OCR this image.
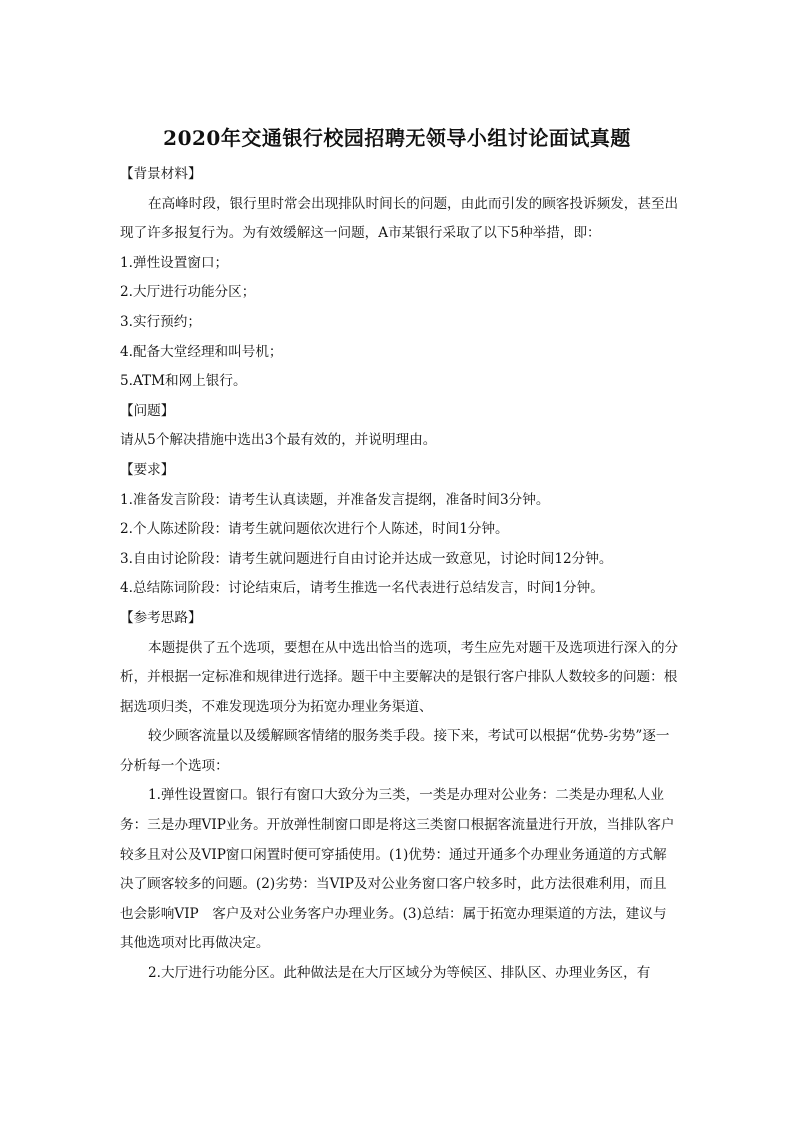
2020年交通银行校园招聘无领导小组讨论面试真题

【背景材料】

在高峰时段，银行里时常会出现排队时间长的问题，由此而引发的顾客投诉频发，甚至出现了许多报复行为。为有效缓解这一问题，A市某银行采取了以下5种举措，即：

1.弹性设置窗口；

2.大厅进行功能分区；

3.实行预约；

4.配备大堂经理和叫号机；

5.ATM和网上银行。

【问题】

请从5个解决措施中选出3个最有效的，并说明理由。

【要求】

1.准备发言阶段：请考生认真读题，并准备发言提纲，准备时间3分钟。

2.个人陈述阶段：请考生就问题依次进行个人陈述，时间1分钟。

3.自由讨论阶段：请考生就问题进行自由讨论并达成一致意见，讨论时间12分钟。

4.总结陈词阶段：讨论结束后，请考生推选一名代表进行总结发言，时间1分钟。

【参考思路】

本题提供了五个选项，要想在从中选出恰当的选项，考生应先对题干及选项进行深入的分析，并根据一定标准和规律进行选择。题干中主要解决的是银行客户排队人数较多的问题：根据选项归类，不难发现选项分为拓宽办理业务渠道、

较少顾客流量以及缓解顾客情绪的服务类手段。接下来，考试可以根据“优势-劣势”逐一分析每一个选项：

1.弹性设置窗口。银行有窗口大致分为三类，一类是办理对公业务：二类是办理私人业务：三是办理VIP业务。开放弹性制窗口即是将这三类窗口根据客流量进行开放，当排队客户较多且对公及VIP窗口闲置时便可穿插使用。(1)优势：通过开通多个办理业务通道的方式解决了顾客较多的问题。(2)劣势：当VIP及对公业务窗口客户较多时，此方法很难利用，而且也会影响VIP　客户及对公业务客户办理业务。(3)总结：属于拓宽办理渠道的方法，建议与其他选项对比再做决定。

2.大厅进行功能分区。此种做法是在大厅区域分为等候区、排队区、办理业务区，有
